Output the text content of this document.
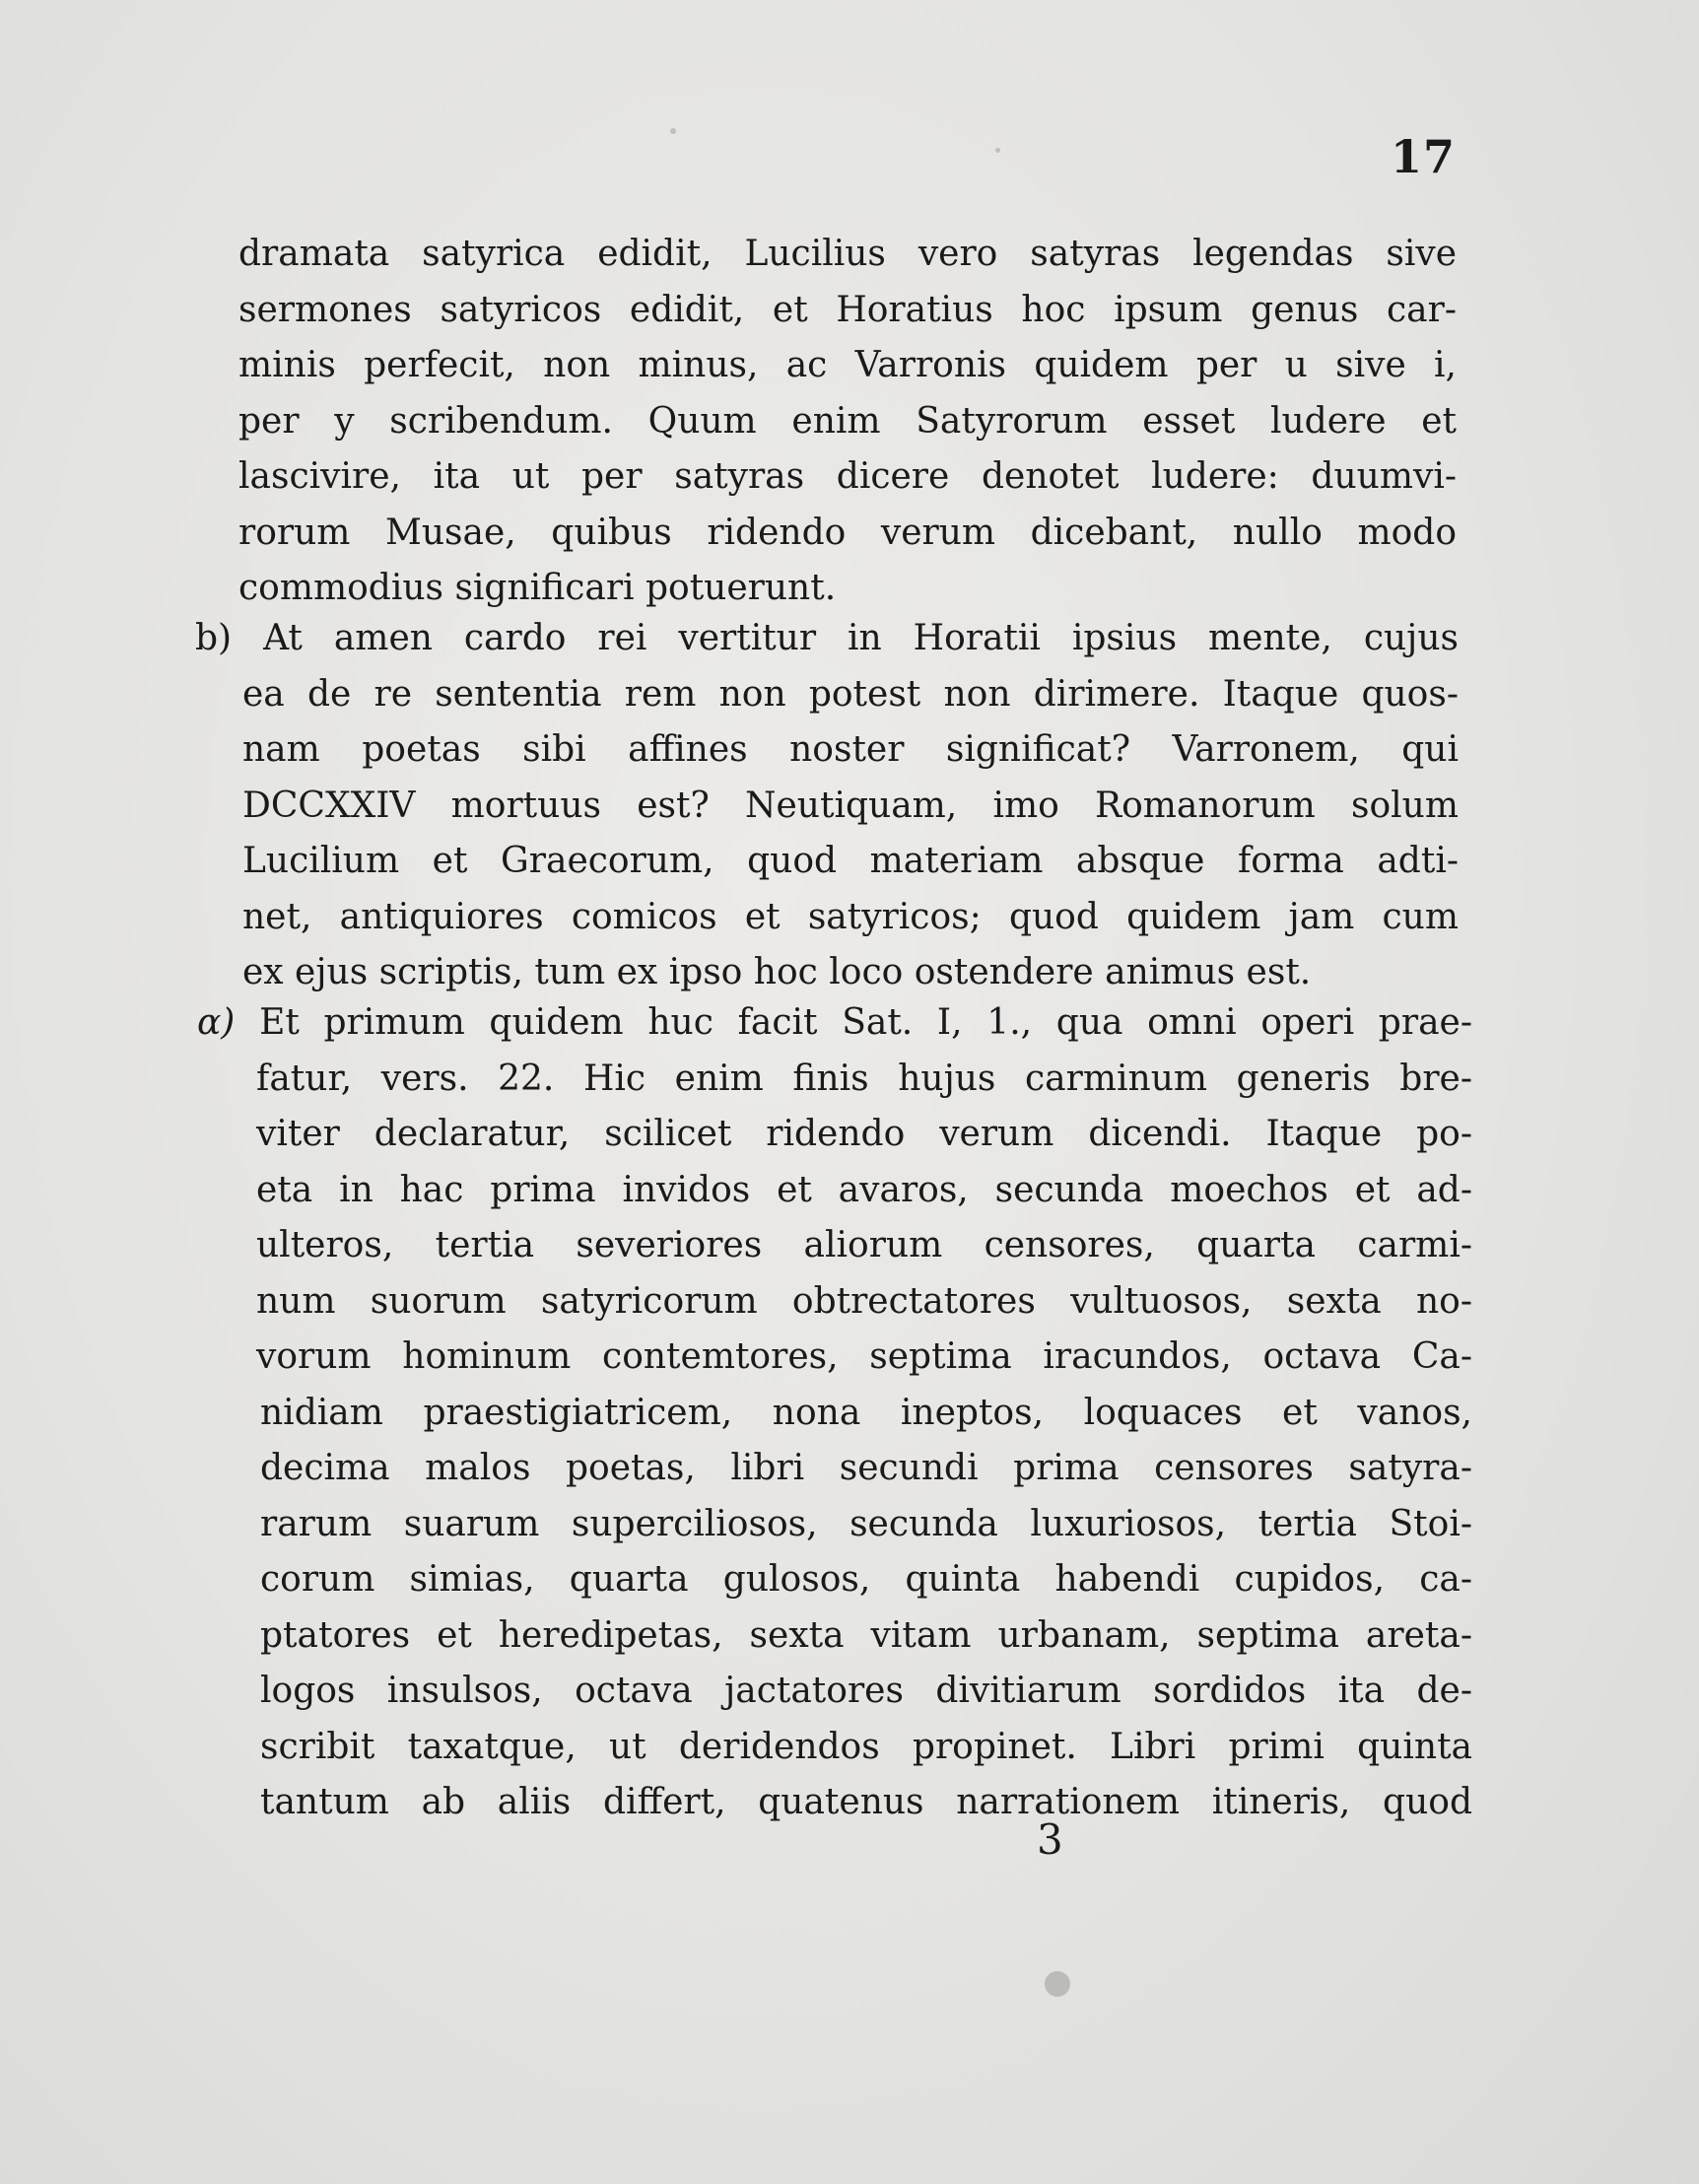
17
dramata satyrica edidit, Lucilius vero satyras legendas sive
sermones satyricos edidit, et Horatius hoc ipsum genus car-
minis perfecit, non minus, ac Varronis quidem per u sive i,
per y scribendum. Quum enim Satyrorum esset ludere et
lascivire, ita ut per satyras dicere denotet ludere: duumvi-
rorum Musae, quibus ridendo verum dicebant, nullo modo
commodius significari potuerunt.
b) At amen cardo rei vertitur in Horatii ipsius mente, cujus
ea de re sententia rem non potest non dirimere. Itaque quos-
nam poetas sibi affines noster significat? Varronem, qui
DCCXXIV mortuus est? Neutiquam, imo Romanorum solum
Lucilium et Graecorum, quod materiam absque forma adti-
net, antiquiores comicos et satyricos; quod quidem jam cum
ex ejus scriptis, tum ex ipso hoc loco ostendere animus est.
α) Et primum quidem huc facit Sat. I, 1., qua omni operi prae-
fatur, vers. 22. Hic enim finis hujus carminum generis bre-
viter declaratur, scilicet ridendo verum dicendi. Itaque po-
eta in hac prima invidos et avaros, secunda moechos et ad-
ulteros, tertia severiores aliorum censores, quarta carmi-
num suorum satyricorum obtrectatores vultuosos, sexta no-
vorum hominum contemtores, septima iracundos, octava Ca-
nidiam praestigiatricem, nona ineptos, loquaces et vanos,
decima malos poetas, libri secundi prima censores satyra-
rarum suarum superciliosos, secunda luxuriosos, tertia Stoi-
corum simias, quarta gulosos, quinta habendi cupidos, ca-
ptatores et heredipetas, sexta vitam urbanam, septima areta-
logos insulsos, octava jactatores divitiarum sordidos ita de-
scribit taxatque, ut deridendos propinet. Libri primi quinta
tantum ab aliis differt, quatenus narrationem itineris, quod
3
